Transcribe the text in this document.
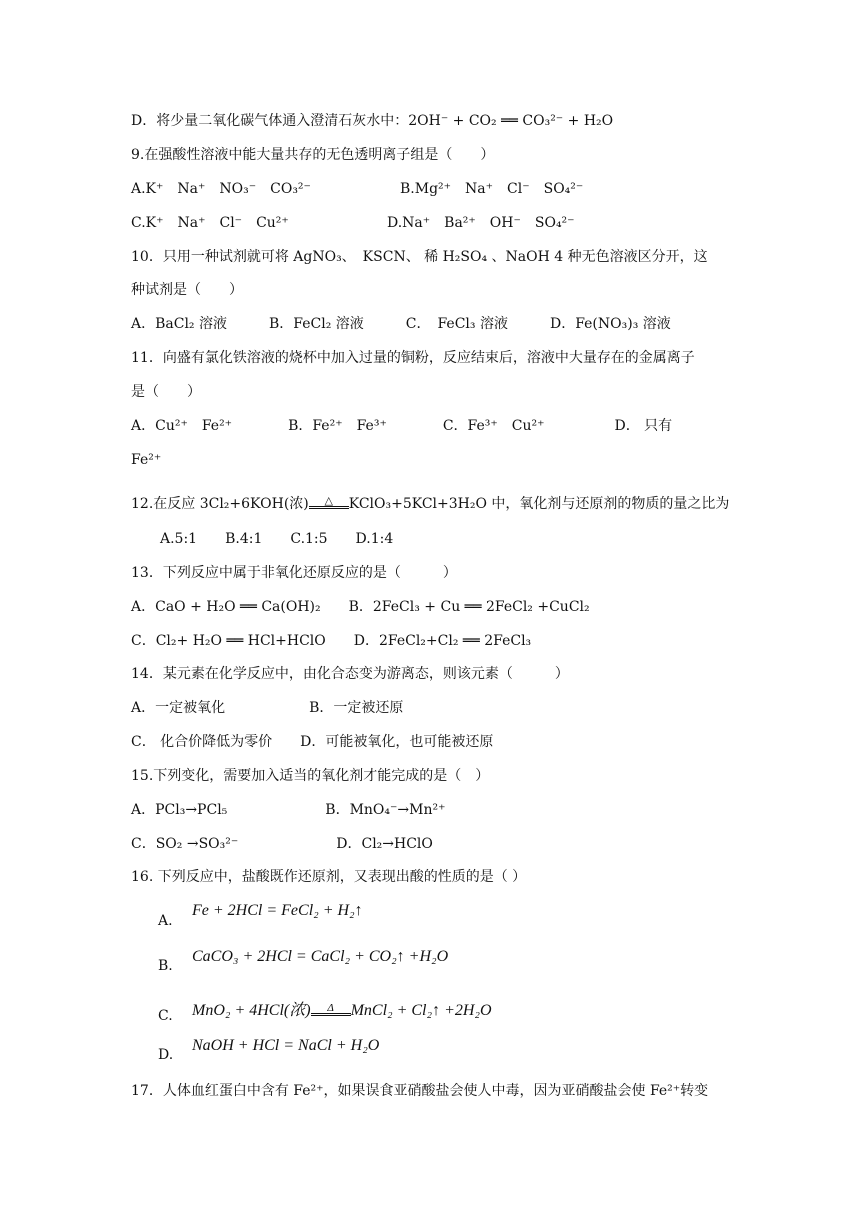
D．将少量二氧化碳气体通入澄清石灰水中：2OH⁻ + CO₂ ══ CO₃²⁻ + H₂O
9.在强酸性溶液中能大量共存的无色透明离子组是（　　）
A.K⁺　Na⁺　NO₃⁻　CO₃²⁻	B.Mg²⁺　Na⁺　Cl⁻　SO₄²⁻
C.K⁺　Na⁺　Cl⁻　Cu²⁺	D.Na⁺　Ba²⁺　OH⁻　SO₄²⁻
10．只用一种试剂就可将 AgNO₃、　KSCN、 稀 H₂SO₄ 、NaOH 4 种无色溶液区分开，这
种试剂是（　　）
A．BaCl₂ 溶液　　　B．FeCl₂ 溶液　　　C．　FeCl₃ 溶液　　　D．Fe(NO₃)₃ 溶液
11．向盛有氯化铁溶液的烧杯中加入过量的铜粉，反应结束后，溶液中大量存在的金属离子
是（　　）
A．Cu²⁺　Fe²⁺　　　　B．Fe²⁺　Fe³⁺　　　　C．Fe³⁺　Cu²⁺　　　　　D． 只有
Fe²⁺
12.在反应 3Cl₂+6KOH(浓)	△	KClO₃+5KCl+3H₂O 中，氧化剂与还原剂的物质的量之比为
A.5:1　　B.4:1　　C.1:5　　D.1:4
13．下列反应中属于非氧化还原反应的是（　　　）
A．CaO + H₂O ══ Ca(OH)₂　　B．2FeCl₃ + Cu ══ 2FeCl₂ +CuCl₂
C．Cl₂+ H₂O ══ HCl+HClO　　D．2FeCl₂+Cl₂ ══ 2FeCl₃
14．某元素在化学反应中，由化合态变为游离态，则该元素（　　　）
A．一定被氧化　　　　　　B．一定被还原
C． 化合价降低为零价　　D．可能被氧化，也可能被还原
15.下列变化，需要加入适当的氧化剂才能完成的是（　）
A．PCl₃→PCl₅　　　　　　　B．MnO₄⁻→Mn²⁺
C．SO₂ →SO₃²⁻　　　　　　　D．Cl₂→HClO
16. 下列反应中，盐酸既作还原剂，又表现出酸的性质的是（ ）
A.
Fe + 2HCl = FeCl₂ + H₂↑
B.
CaCO₃ + 2HCl = CaCl₂ + CO₂↑ +H₂O
C. MnO₂ + 4HCl(浓)	Δ	MnCl₂ + Cl₂↑ +2H₂O
D.
NaOH + HCl = NaCl + H₂O
17．人体血红蛋白中含有 Fe²⁺，如果误食亚硝酸盐会使人中毒，因为亚硝酸盐会使 Fe²⁺转变
